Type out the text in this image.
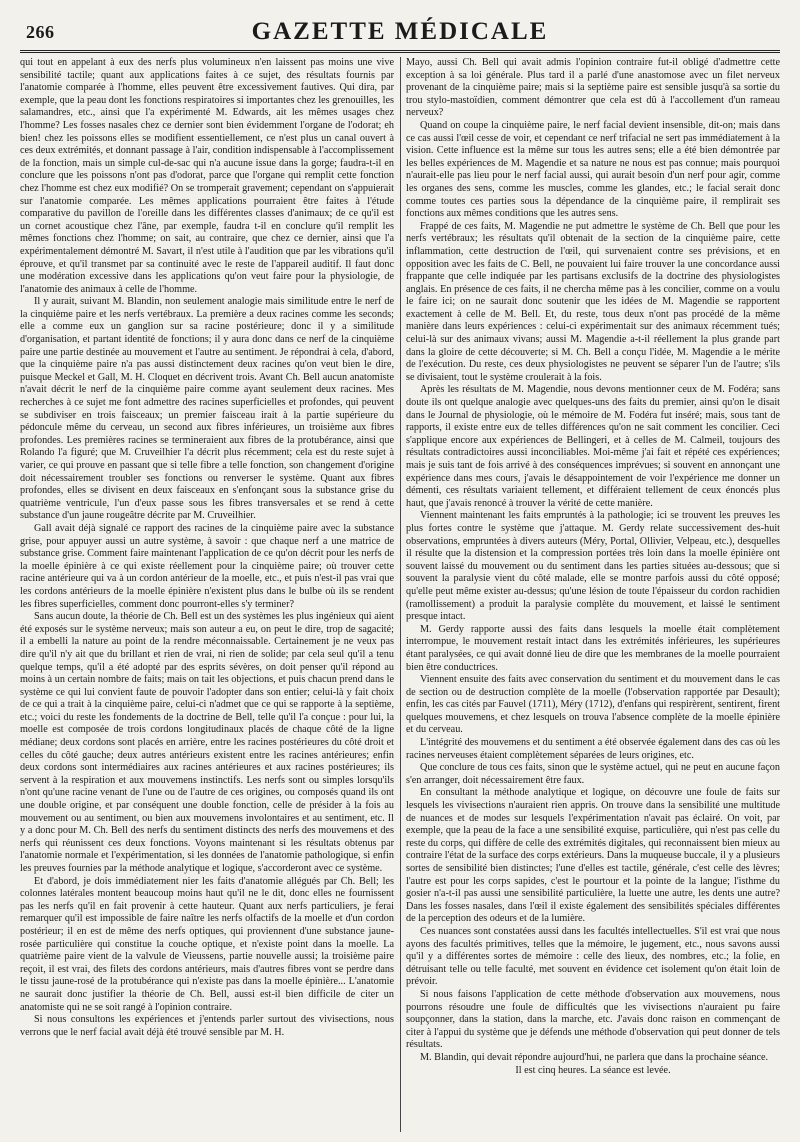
266	GAZETTE MÉDICALE

qui tout en appelant à eux des nerfs plus volumineux n'en laissent pas moins une vive sensibilité tactile; quant aux applications faites à ce sujet, des résultats fournis par l'anatomie comparée à l'homme, elles peuvent être excessivement fautives. Qui dira, par exemple, que la peau dont les fonctions respiratoires si importantes chez les grenouilles, les salamandres, etc., ainsi que l'a expérimenté M. Edwards, ait les mêmes usages chez l'homme? Les fosses nasales chez ce dernier sont bien évidemment l'organe de l'odorat; eh bien! chez les poissons elles se modifient essentiellement, ce n'est plus un canal ouvert à ces deux extrémités, et donnant passage à l'air, condition indispensable à l'accomplissement de la fonction, mais un simple cul-de-sac qui n'a aucune issue dans la gorge; faudra-t-il en conclure que les poissons n'ont pas d'odorat, parce que l'organe qui remplit cette fonction chez l'homme est chez eux modifié? On se tromperait gravement; cependant on s'appuierait sur l'anatomie comparée. Les mêmes applications pourraient être faites à l'étude comparative du pavillon de l'oreille dans les différentes classes d'animaux; de ce qu'il est un cornet acoustique chez l'âne, par exemple, faudra t-il en conclure qu'il remplit les mêmes fonctions chez l'homme; on sait, au contraire, que chez ce dernier, ainsi que l'a expérimentalement démontré M. Savart, il n'est utile à l'audition que par les vibrations qu'il éprouve, et qu'il transmet par sa continuité avec le reste de l'appareil auditif. Il faut donc une modération excessive dans les applications qu'on veut faire pour la physiologie, de l'anatomie des animaux à celle de l'homme.

Il y aurait, suivant M. Blandin, non seulement analogie mais similitude entre le nerf de la cinquième paire et les nerfs vertébraux. La première a deux racines comme les seconds; elle a comme eux un ganglion sur sa racine postérieure; donc il y a similitude d'organisation, et partant identité de fonctions; il y aura donc dans ce nerf de la cinquième paire une partie destinée au mouvement et l'autre au sentiment. Je répondrai à cela, d'abord, que la cinquième paire n'a pas aussi distinctement deux racines qu'on veut bien le dire, puisque Meckel et Gall, M. H. Cloquet en décrivent trois. Avant Ch. Bell aucun anatomiste n'avait décrit le nerf de la cinquième paire comme ayant seulement deux racines. Mes recherches à ce sujet me font admettre des racines superficielles et profondes, qui peuvent se subdiviser en trois faisceaux; un premier faisceau irait à la partie supérieure du pédoncule même du cerveau, un second aux fibres inférieures, un troisième aux fibres profondes. Les premières racines se termineraient aux fibres de la protubérance, ainsi que Rolando l'a figuré; que M. Cruveilhier l'a décrit plus récemment; cela est du reste sujet à varier, ce qui prouve en passant que si telle fibre a telle fonction, son changement d'origine doit nécessairement troubler ses fonctions ou renverser le système. Quant aux fibres profondes, elles se divisent en deux faisceaux en s'enfonçant sous la substance grise du quatrième ventricule, l'un d'eux passe sous les fibres transversales et se rend à cette substance d'un jaune rougeâtre décrite par M. Cruveilhier.

Gall avait déjà signalé ce rapport des racines de la cinquième paire avec la substance grise, pour appuyer aussi un autre système, à savoir : que chaque nerf a une matrice de substance grise. Comment faire maintenant l'application de ce qu'on décrit pour les nerfs de la moelle épinière à ce qui existe réellement pour la cinquième paire; où trouver cette racine antérieure qui va à un cordon antérieur de la moelle, etc., et puis n'est-il pas vrai que les cordons antérieurs de la moelle épinière n'existent plus dans le bulbe où ils se rendent les fibres superficielles, comment donc pourront-elles s'y terminer?

Sans aucun doute, la théorie de Ch. Bell est un des systèmes les plus ingénieux qui aient été exposés sur le système nerveux; mais son auteur a eu, on peut le dire, trop de sagacité; il a embelli la nature au point de la rendre méconnaissable. Certainement je ne veux pas dire qu'il n'y ait que du brillant et rien de vrai, ni rien de solide; par cela seul qu'il a tenu quelque temps, qu'il a été adopté par des esprits sévères, on doit penser qu'il répond au moins à un certain nombre de faits; mais on tait les objections, et puis chacun prend dans le système ce qui lui convient faute de pouvoir l'adopter dans son entier; celui-là y fait choix de ce qui a trait à la cinquième paire, celui-ci n'admet que ce qui se rapporte à la septième, etc.; voici du reste les fondements de la doctrine de Bell, telle qu'il l'a conçue : pour lui, la moelle est composée de trois cordons longitudinaux placés de chaque côté de la ligne médiane; deux cordons sont placés en arrière, entre les racines postérieures du côté droit et celles du côté gauche; deux autres antérieurs existent entre les racines antérieures; enfin deux cordons sont intermédiaires aux racines antérieures et aux racines postérieures; ils servent à la respiration et aux mouvemens instinctifs. Les nerfs sont ou simples lorsqu'ils n'ont qu'une racine venant de l'une ou de l'autre de ces origines, ou composés quand ils ont une double origine, et par conséquent une double fonction, celle de présider à la fois au mouvement ou au sentiment, ou bien aux mouvemens involontaires et au sentiment, etc. Il y a donc pour M. Ch. Bell des nerfs du sentiment distincts des nerfs des mouvemens et des nerfs qui réunissent ces deux fonctions. Voyons maintenant si les résultats obtenus par l'anatomie normale et l'expérimentation, si les données de l'anatomie pathologique, si enfin les preuves fournies par la méthode analytique et logique, s'accorderont avec ce système.

Et d'abord, je dois immédiatement nier les faits d'anatomie allégués par Ch. Bell; les colonnes latérales montent beaucoup moins haut qu'il ne le dit, donc elles ne fournissent pas les nerfs qu'il en fait provenir à cette hauteur. Quant aux nerfs particuliers, je ferai remarquer qu'il est impossible de faire naître les nerfs olfactifs de la moelle et d'un cordon postérieur; il en est de même des nerfs optiques, qui proviennent d'une substance jaune-rosée particulière qui constitue la couche optique, et n'existe point dans la moelle. La quatrième paire vient de la valvule de Vieussens, partie nouvelle aussi; la troisième paire reçoit, il est vrai, des filets des cordons antérieurs, mais d'autres fibres vont se perdre dans le tissu jaune-rosé de la protubérance qui n'existe pas dans la moelle épinière... L'anatomie ne saurait donc justifier la théorie de Ch. Bell, aussi est-il bien difficile de citer un anatomiste qui ne se soit rangé à l'opinion contraire.

Si nous consultons les expériences et j'entends parler surtout des vivisections, nous verrons que le nerf facial avait déjà été trouvé sensible par M. H.

Mayo, aussi Ch. Bell qui avait admis l'opinion contraire fut-il obligé d'admettre cette exception à sa loi générale. Plus tard il a parlé d'une anastomose avec un filet nerveux provenant de la cinquième paire; mais si la septième paire est sensible jusqu'à sa sortie du trou stylo-mastoïdien, comment démontrer que cela est dû à l'accollement d'un rameau nerveux?

Quand on coupe la cinquième paire, le nerf facial devient insensible, dit-on; mais dans ce cas aussi l'œil cesse de voir, et cependant ce nerf trifacial ne sert pas immédiatement à la vision. Cette influence est la même sur tous les autres sens; elle a été bien démontrée par les belles expériences de M. Magendie et sa nature ne nous est pas connue; mais pourquoi n'aurait-elle pas lieu pour le nerf facial aussi, qui aurait besoin d'un nerf pour agir, comme les organes des sens, comme les muscles, comme les glandes, etc.; le facial serait donc comme toutes ces parties sous la dépendance de la cinquième paire, il remplirait ses fonctions aux mêmes conditions que les autres sens.

Frappé de ces faits, M. Magendie ne put admettre le système de Ch. Bell que pour les nerfs vertébraux; les résultats qu'il obtenait de la section de la cinquième paire, cette inflammation, cette destruction de l'œil, qui survenaient contre ses prévisions, et en opposition avec les faits de C. Bell, ne pouvaient lui faire trouver la une concordance aussi frappante que celle indiquée par les partisans exclusifs de la doctrine des physiologistes anglais. En présence de ces faits, il ne chercha même pas à les concilier, comme on a voulu le faire ici; on ne saurait donc soutenir que les idées de M. Magendie se rapportent exactement à celle de M. Bell. Et, du reste, tous deux n'ont pas procédé de la même manière dans leurs expériences : celui-ci expérimentait sur des animaux récemment tués; celui-là sur des animaux vivans; aussi M. Magendie a-t-il réellement la plus grande part dans la gloire de cette découverte; si M. Ch. Bell a conçu l'idée, M. Magendie a le mérite de l'exécution. Du reste, ces deux physiologistes ne peuvent se séparer l'un de l'autre; s'ils se divisaient, tout le système croulerait à la fois.

Après les résultats de M. Magendie, nous devons mentionner ceux de M. Fodéra; sans doute ils ont quelque analogie avec quelques-uns des faits du premier, ainsi qu'on le disait dans le Journal de physiologie, où le mémoire de M. Fodéra fut inséré; mais, sous tant de rapports, il existe entre eux de telles différences qu'on ne sait comment les concilier. Ceci s'applique encore aux expériences de Bellingeri, et à celles de M. Calmeil, toujours des résultats contradictoires aussi inconciliables. Moi-même j'ai fait et répété ces expériences; mais je suis tant de fois arrivé à des conséquences imprévues; si souvent en annonçant une expérience dans mes cours, j'avais le désappointement de voir l'expérience me donner un démenti, ces résultats variaient tellement, et différaient tellement de ceux énoncés plus haut, que j'avais renoncé à trouver la vérité de cette manière.

Viennent maintenant les faits empruntés à la pathologie; ici se trouvent les preuves les plus fortes contre le système que j'attaque. M. Gerdy relate successivement des-huit observations, empruntées à divers auteurs (Méry, Portal, Ollivier, Velpeau, etc.), desquelles il résulte que la distension et la compression portées très loin dans la moelle épinière ont souvent laissé du mouvement ou du sentiment dans les parties situées au-dessous; que si souvent la paralysie vient du côté malade, elle se montre parfois aussi du côté opposé; qu'elle peut même exister au-dessus; qu'une lésion de toute l'épaisseur du cordon rachidien (ramollissement) a produit la paralysie complète du mouvement, et laissé le sentiment presque intact.

M. Gerdy rapporte aussi des faits dans lesquels la moelle était complètement interrompue, le mouvement restait intact dans les extrémités inférieures, les supérieures étant paralysées, ce qui avait donné lieu de dire que les membranes de la moelle pourraient bien être conductrices.

Viennent ensuite des faits avec conservation du sentiment et du mouvement dans le cas de section ou de destruction complète de la moelle (l'observation rapportée par Desault); enfin, les cas cités par Fauvel (1711), Méry (1712), d'enfans qui respirèrent, sentirent, firent quelques mouvemens, et chez lesquels on trouva l'absence complète de la moelle épinière et du cerveau.

L'intégrité des mouvemens et du sentiment a été observée également dans des cas où les racines nerveuses étaient complètement séparées de leurs origines, etc.

Que conclure de tous ces faits, sinon que le système actuel, qui ne peut en aucune façon s'en arranger, doit nécessairement être faux.

En consultant la méthode analytique et logique, on découvre une foule de faits sur lesquels les vivisections n'auraient rien appris. On trouve dans la sensibilité une multitude de nuances et de modes sur lesquels l'expérimentation n'avait pas éclairé. On voit, par exemple, que la peau de la face a une sensibilité exquise, particulière, qui n'est pas celle du reste du corps, qui diffère de celle des extrémités digitales, qui reconnaissent bien mieux au contraire l'état de la surface des corps extérieurs. Dans la muqueuse buccale, il y a plusieurs sortes de sensibilité bien distinctes; l'une d'elles est tactile, générale, c'est celle des lèvres; l'autre est pour les corps sapides, c'est le pourtour et la pointe de la langue; l'isthme du gosier n'a-t-il pas aussi une sensibilité particulière, la luette une autre, les dents une autre? Dans les fosses nasales, dans l'œil il existe également des sensibilités spéciales différentes de la perception des odeurs et de la lumière.

Ces nuances sont constatées aussi dans les facultés intellectuelles. S'il est vrai que nous ayons des facultés primitives, telles que la mémoire, le jugement, etc., nous savons aussi qu'il y a différentes sortes de mémoire : celle des lieux, des nombres, etc.; la folie, en détruisant telle ou telle faculté, met souvent en évidence cet isolement qu'on était loin de prévoir.

Si nous faisons l'application de cette méthode d'observation aux mouvemens, nous pourrons résoudre une foule de difficultés que les vivisections n'auraient pu faire soupçonner, dans la station, dans la marche, etc. J'avais donc raison en commençant de citer à l'appui du système que je défends une méthode d'observation qui peut donner de tels résultats.

M. Blandin, qui devait répondre aujourd'hui, ne parlera que dans la prochaine séance.

Il est cinq heures. La séance est levée.
